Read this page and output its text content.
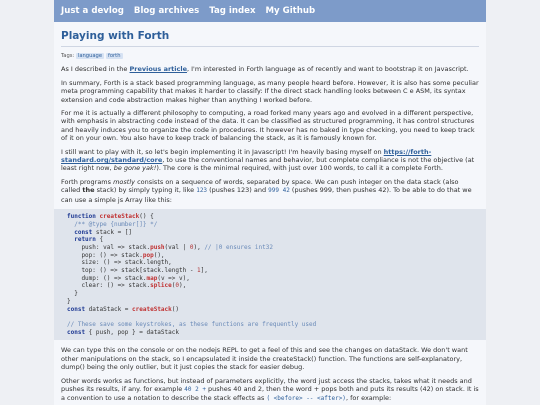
Just a devlog Blog archives Tag index My Github
Playing with Forth
Tags: language forth

As I described in the Previous article, I'm interested in Forth language as of recently and want to bootstrap it on Javascript.

In summary, Forth is a stack based programming language, as many people heard before. However, it is also has some peculiar meta programming capability that makes it harder to classify: If the direct stack handling looks between C e ASM, its syntax extension and code abstraction makes higher than anything I worked before.

For me it is actually a different philosophy to computing, a road forked many years ago and evolved in a different perspective, with emphasis in abstracting code instead of the data. It can be classified as structured programming, it has control structures and heavily induces you to organize the code in procedures. It however has no baked in type checking, you need to keep track of it on your own. You also have to keep track of balancing the stack, as it is famously known for.

I still want to play with it, so let's begin implementing it in Javascript! I'm heavily basing myself on https://forth-standard.org/standard/core, to use the conventional names and behavior, but complete compliance is not the objective (at least right now, be gone yak!). The core is the minimal required, with just over 100 words, to call it a complete Forth.

Forth programs mostly consists on a sequence of words, separated by space. We can push integer on the data stack (also called the stack) by simply typing it, like 123 (pushes 123) and 999 42 (pushes 999, then pushes 42). To be able to do that we can use a simple js Array like this:

function createStack() {
/** @type {number[]} */
const stack = []
return {
push: val => stack.push(val | 0), // |0 ensures int32
pop: () => stack.pop(),
size: () => stack.length,
top: () => stack[stack.length - 1],
dump: () => stack.map(v => v),
clear: () => stack.splice(0),
}
}
const dataStack = createStack()

// These save some keystrokes, as these functions are frequently used
const { push, pop } = dataStack

We can type this on the console or on the nodejs REPL to get a feel of this and see the changes on dataStack. We don't want other manipulations on the stack, so I encapsulated it inside the createStack() function. The functions are self-explanatory, dump() being the only outlier, but it just copies the stack for easier debug.

Other words works as functions, but instead of parameters explicitly, the word just access the stacks, takes what it needs and pushes its results, if any. for example 40 2 + pushes 40 and 2, then the word + pops both and puts its results (42) on stack. It is a convention to use a notation to describe the stack effects as ( <before> -- <after>), for example:
